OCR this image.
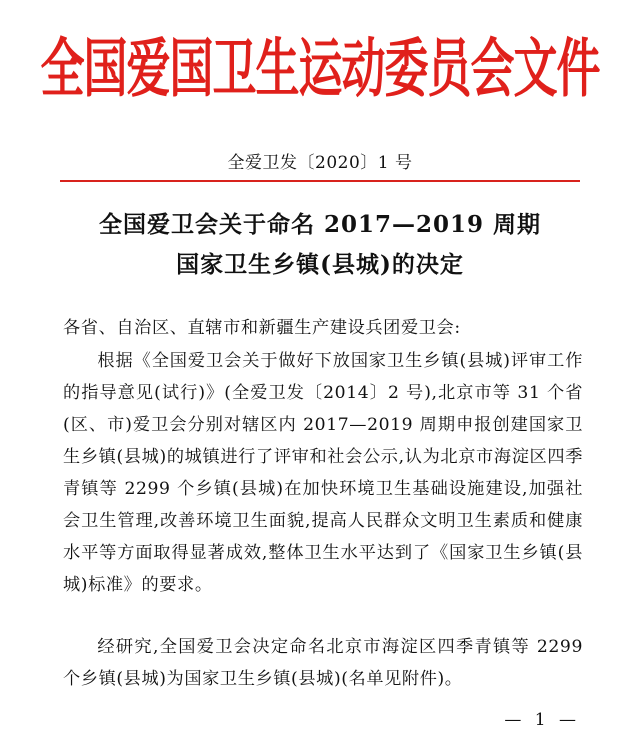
全国爱国卫生运动委员会文件
全爱卫发〔2020〕1 号
全国爱卫会关于命名 2017—2019 周期
国家卫生乡镇(县城)的决定
各省、自治区、直辖市和新疆生产建设兵团爱卫会:
根据《全国爱卫会关于做好下放国家卫生乡镇(县城)评审工作的指导意见(试行)》(全爱卫发〔2014〕2 号),北京市等 31 个省(区、市)爱卫会分别对辖区内 2017—2019 周期申报创建国家卫生乡镇(县城)的城镇进行了评审和社会公示,认为北京市海淀区四季青镇等 2299 个乡镇(县城)在加快环境卫生基础设施建设,加强社会卫生管理,改善环境卫生面貌,提高人民群众文明卫生素质和健康水平等方面取得显著成效,整体卫生水平达到了《国家卫生乡镇(县城)标准》的要求。
经研究,全国爱卫会决定命名北京市海淀区四季青镇等 2299 个乡镇(县城)为国家卫生乡镇(县城)(名单见附件)。
— 1 —
